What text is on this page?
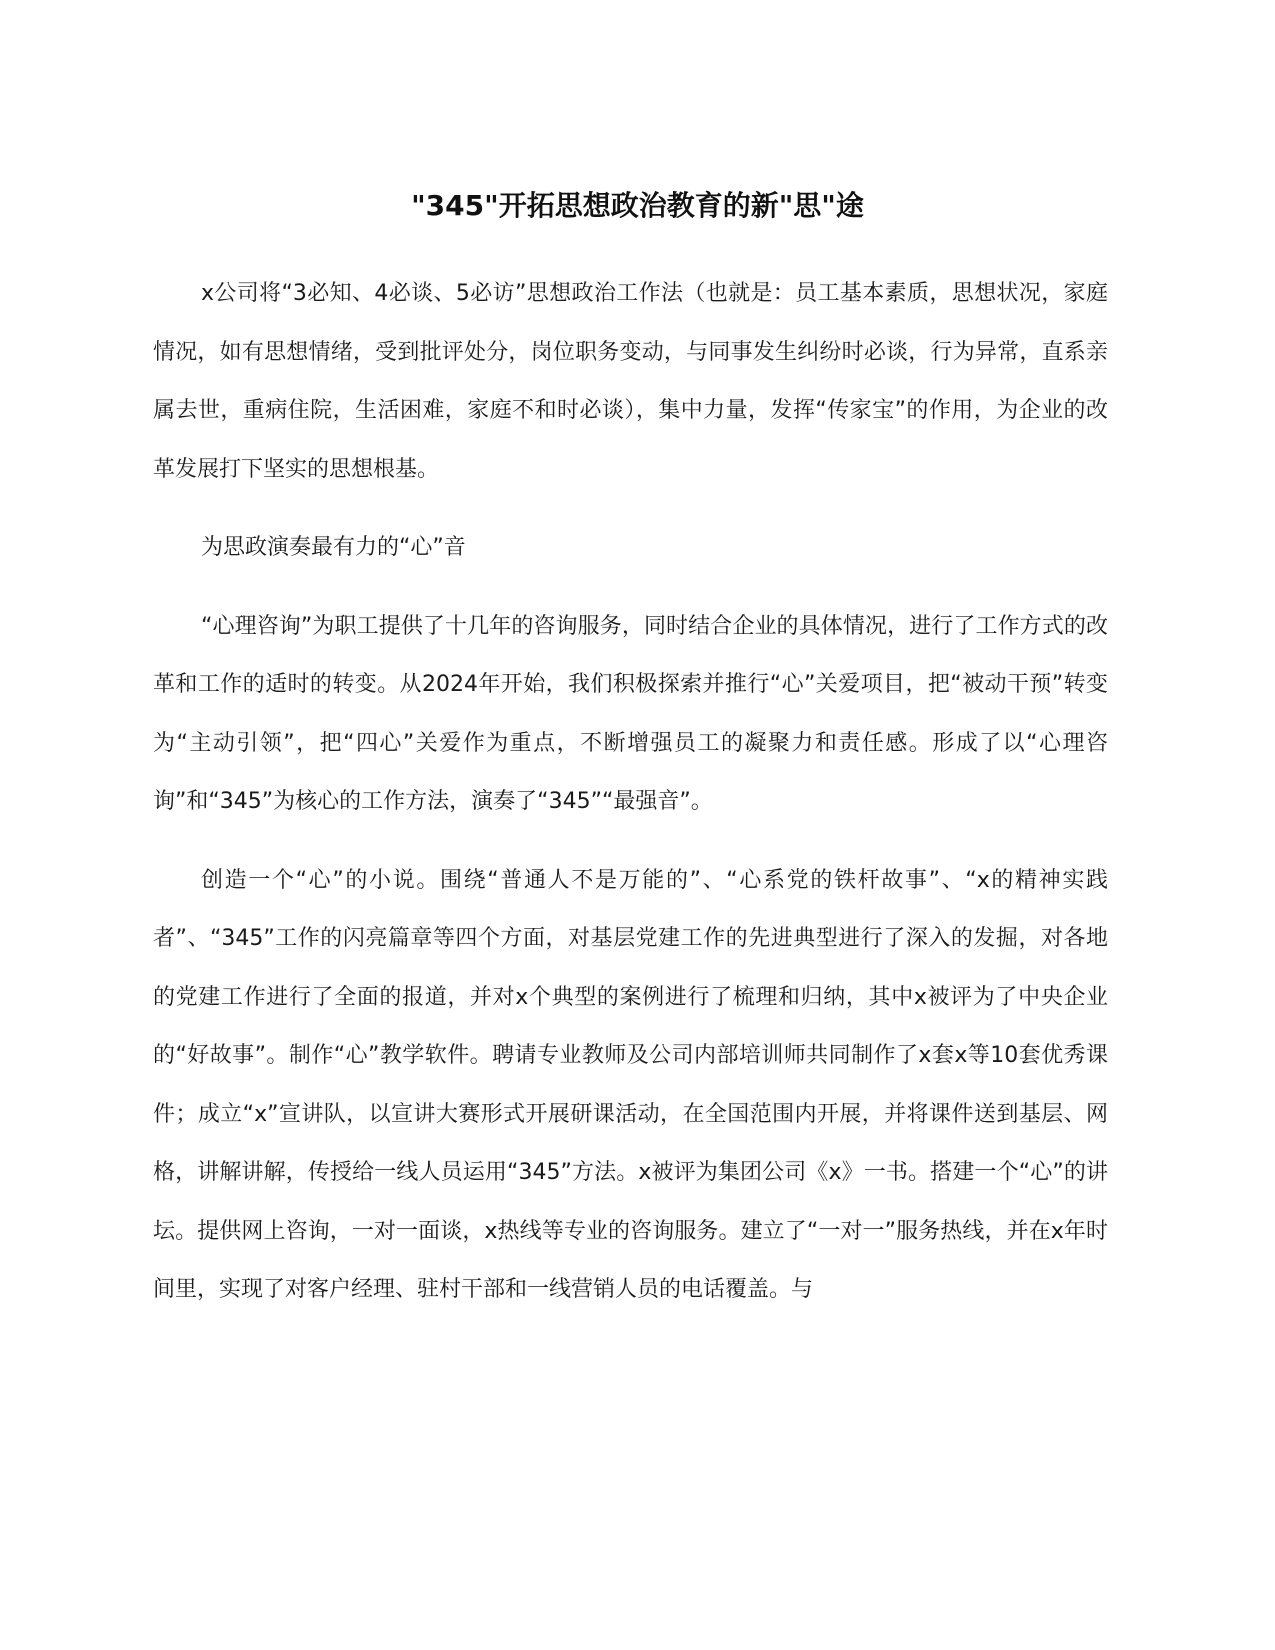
"345"开拓思想政治教育的新"思"途

x公司将“3必知、4必谈、5必访”思想政治工作法（也就是：员工基本素质，思想状况，家庭情况，如有思想情绪，受到批评处分，岗位职务变动，与同事发生纠纷时必谈，行为异常，直系亲属去世，重病住院，生活困难，家庭不和时必谈），集中力量，发挥“传家宝”的作用，为企业的改革发展打下坚实的思想根基。

为思政演奏最有力的“心”音

“心理咨询”为职工提供了十几年的咨询服务，同时结合企业的具体情况，进行了工作方式的改革和工作的适时的转变。从2024年开始，我们积极探索并推行“心”关爱项目，把“被动干预”转变为“主动引领”，把“四心”关爱作为重点，不断增强员工的凝聚力和责任感。形成了以“心理咨询”和“345”为核心的工作方法，演奏了“345”“最强音”。

创造一个“心”的小说。围绕“普通人不是万能的”、“心系党的铁杆故事”、“x的精神实践者”、“345”工作的闪亮篇章等四个方面，对基层党建工作的先进典型进行了深入的发掘，对各地的党建工作进行了全面的报道，并对x个典型的案例进行了梳理和归纳，其中x被评为了中央企业的“好故事”。制作“心”教学软件。聘请专业教师及公司内部培训师共同制作了x套x等10套优秀课件；成立“x”宣讲队，以宣讲大赛形式开展研课活动，在全国范围内开展，并将课件送到基层、网格，讲解讲解，传授给一线人员运用“345”方法。x被评为集团公司《x》一书。搭建一个“心”的讲坛。提供网上咨询，一对一面谈，x热线等专业的咨询服务。建立了“一对一”服务热线，并在x年时间里，实现了对客户经理、驻村干部和一线营销人员的电话覆盖。与
